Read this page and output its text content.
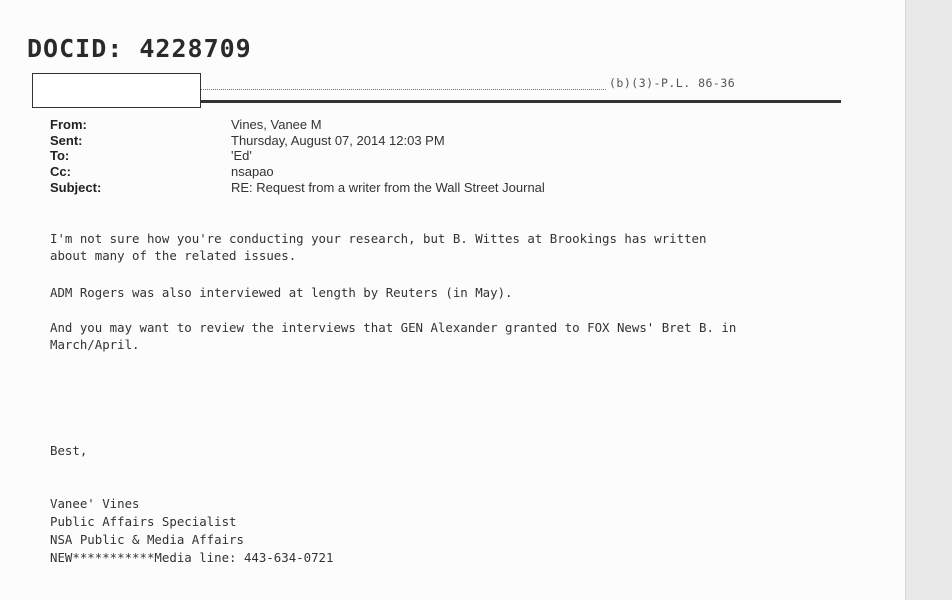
DOCID: 4228709
(b)(3)-P.L. 86-36
From:	Vines, Vanee M
Sent:	Thursday, August 07, 2014 12:03 PM
To:	'Ed'
Cc:	nsapao
Subject:	RE: Request from a writer from the Wall Street Journal
I'm not sure how you're conducting your research, but B. Wittes at Brookings has written
about many of the related issues.
ADM Rogers was also interviewed at length by Reuters (in May).
And you may want to review the interviews that GEN Alexander granted to FOX News' Bret B. in
March/April.
Best,
Vanee' Vines
Public Affairs Specialist
NSA Public & Media Affairs
NEW***********Media line: 443-634-0721
